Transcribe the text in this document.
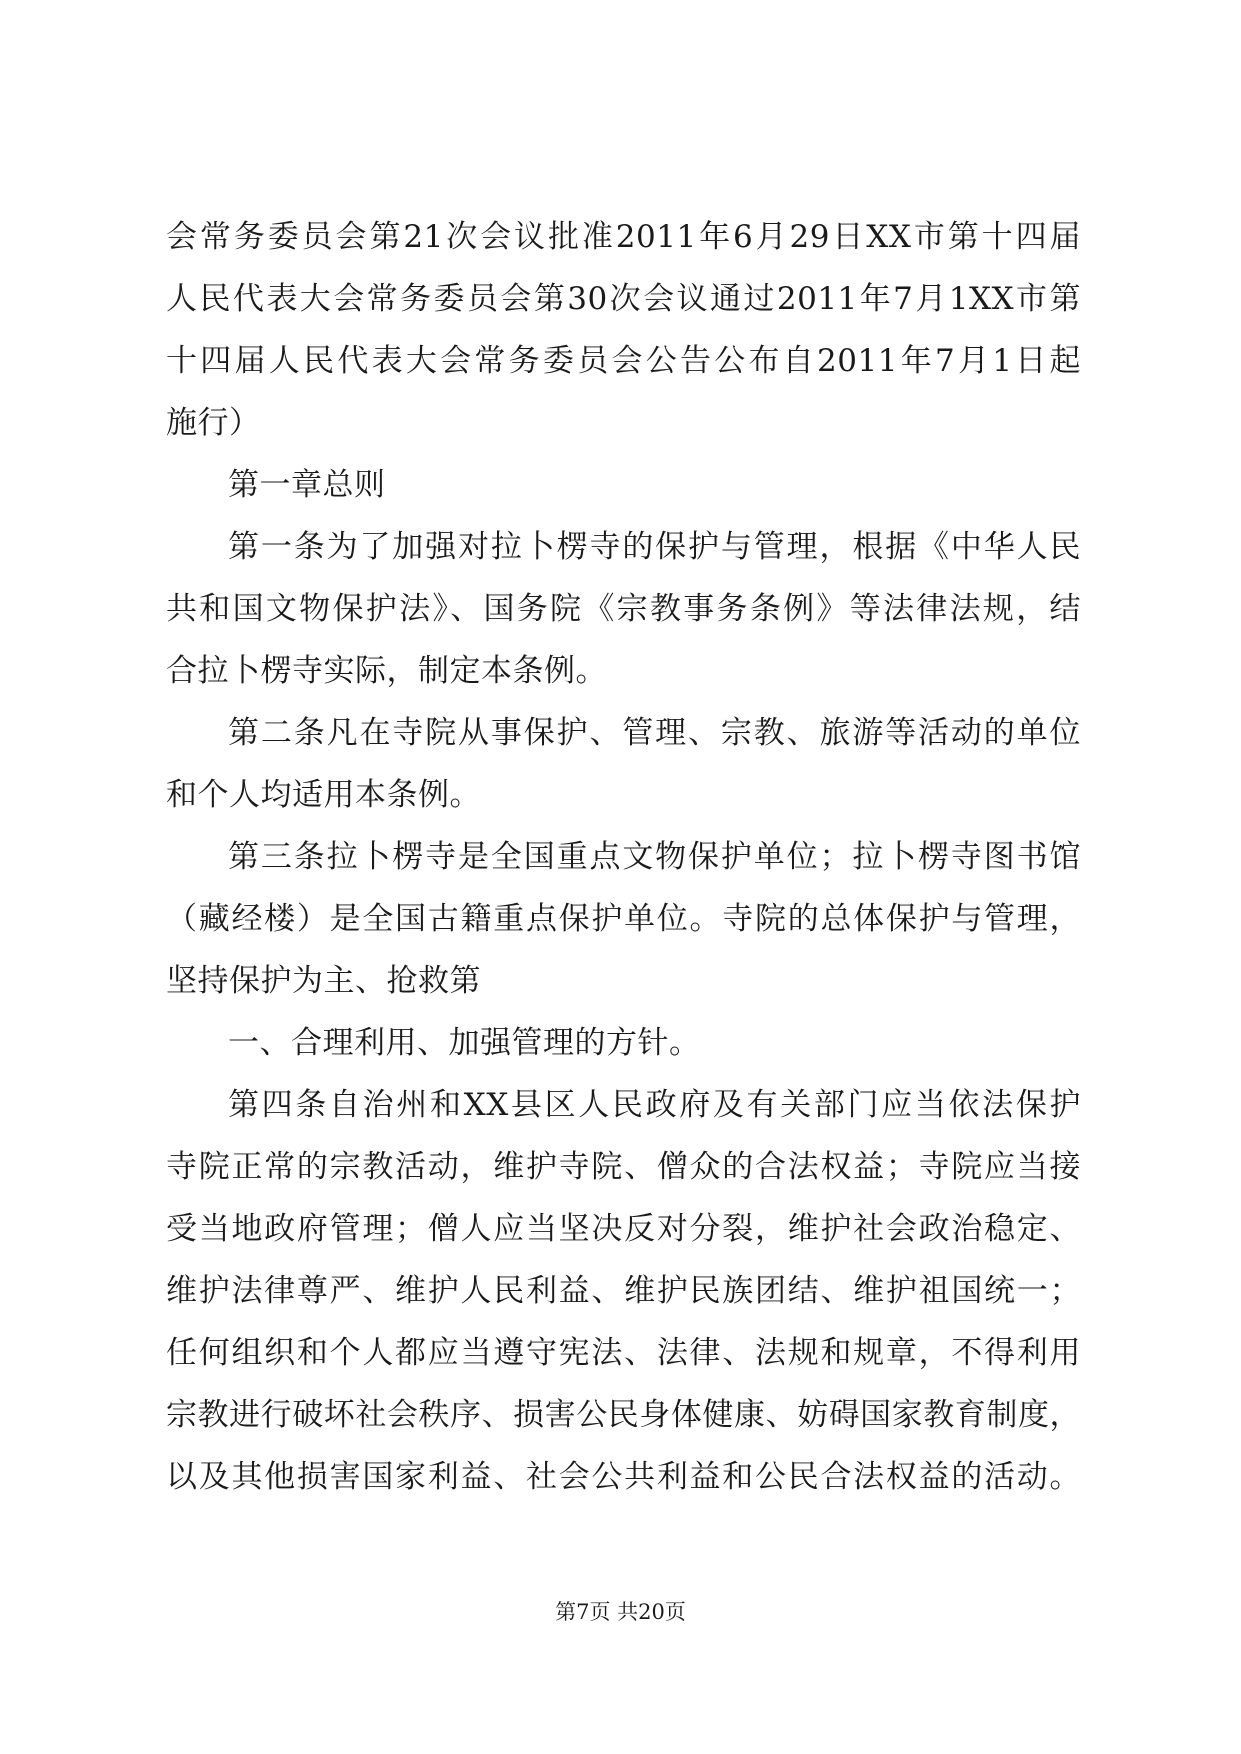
会常务委员会第21次会议批准2011年6月29日XX市第十四届
人民代表大会常务委员会第30次会议通过2011年7月1XX市第
十四届人民代表大会常务委员会公告公布自2011年7月1日起
施行）
第一章总则
第一条为了加强对拉卜楞寺的保护与管理，根据《中华人民
共和国文物保护法》、国务院《宗教事务条例》等法律法规，结
合拉卜楞寺实际，制定本条例。
第二条凡在寺院从事保护、管理、宗教、旅游等活动的单位
和个人均适用本条例。
第三条拉卜楞寺是全国重点文物保护单位；拉卜楞寺图书馆
（藏经楼）是全国古籍重点保护单位。寺院的总体保护与管理，
坚持保护为主、抢救第
一、合理利用、加强管理的方针。
第四条自治州和XX县区人民政府及有关部门应当依法保护
寺院正常的宗教活动，维护寺院、僧众的合法权益；寺院应当接
受当地政府管理；僧人应当坚决反对分裂，维护社会政治稳定、
维护法律尊严、维护人民利益、维护民族团结、维护祖国统一；
任何组织和个人都应当遵守宪法、法律、法规和规章，不得利用
宗教进行破坏社会秩序、损害公民身体健康、妨碍国家教育制度，
以及其他损害国家利益、社会公共利益和公民合法权益的活动。
第7页 共20页
